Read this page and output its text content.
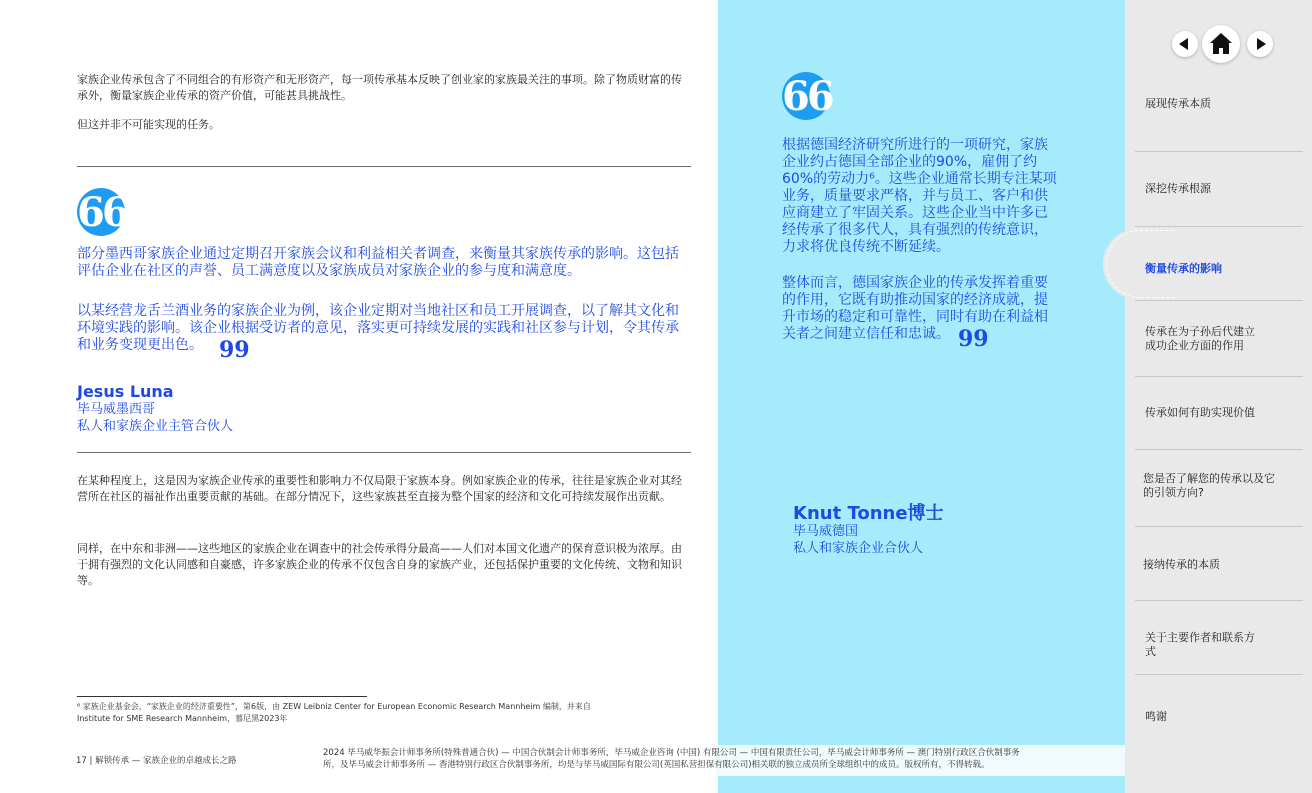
家族企业传承包含了不同组合的有形资产和无形资产，每一项传承基本反映了创业家的家族最关注的事项。除了物质财富的传承外，衡量家族企业传承的资产价值，可能甚具挑战性。

但这并非不可能实现的任务。

66

部分墨西哥家族企业通过定期召开家族会议和利益相关者调查，来衡量其家族传承的影响。这包括评估企业在社区的声誉、员工满意度以及家族成员对家族企业的参与度和满意度。

以某经营龙舌兰酒业务的家族企业为例，该企业定期对当地社区和员工开展调查，以了解其文化和环境实践的影响。该企业根据受访者的意见，落实更可持续发展的实践和社区参与计划，令其传承和业务变现更出色。 99

Jesus Luna
毕马威墨西哥
私人和家族企业主管合伙人

在某种程度上，这是因为家族企业传承的重要性和影响力不仅局限于家族本身。例如家族企业的传承，往往是家族企业对其经营所在社区的福祉作出重要贡献的基础。在部分情况下，这些家族甚至直接为整个国家的经济和文化可持续发展作出贡献。

同样，在中东和非洲——这些地区的家族企业在调查中的社会传承得分最高——人们对本国文化遗产的保育意识极为浓厚。由于拥有强烈的文化认同感和自豪感，许多家族企业的传承不仅包含自身的家族产业，还包括保护重要的文化传统、文物和知识等。

⁶ 家族企业基金会，“家族企业的经济重要性”，第6版，由 ZEW Leibniz Center for European Economic Research Mannheim 编制，并来自
Institute for SME Research Mannheim，慕尼黑2023年
17 | 解锁传承 — 家族企业的卓越成长之路
66

根据德国经济研究所进行的一项研究，家族企业约占德国全部企业的90%，雇佣了约60%的劳动力⁶。这些企业通常长期专注某项业务，质量要求严格，并与员工、客户和供应商建立了牢固关系。这些企业当中许多已经传承了很多代人，具有强烈的传统意识，力求将优良传统不断延续。

整体而言，德国家族企业的传承发挥着重要的作用，它既有助推动国家的经济成就，提升市场的稳定和可靠性，同时有助在利益相关者之间建立信任和忠诚。 99

Knut Tonne博士
毕马威德国
私人和家族企业合伙人
2024 毕马威华振会计师事务所(特殊普通合伙) — 中国合伙制会计师事务所，毕马威企业咨询 (中国) 有限公司 — 中国有限责任公司，毕马威会计师事务所 — 澳门特别行政区合伙制事务
所，及毕马威会计师事务所 — 香港特别行政区合伙制事务所，均是与毕马威国际有限公司(英国私营担保有限公司)相关联的独立成员所全球组织中的成员。版权所有，不得转载。
展现传承本质
深挖传承根源
衡量传承的影响
传承在为子孙后代建立成功企业方面的作用
传承如何有助实现价值
您是否了解您的传承以及它的引领方向?
接纳传承的本质
关于主要作者和联系方式
鸣谢
